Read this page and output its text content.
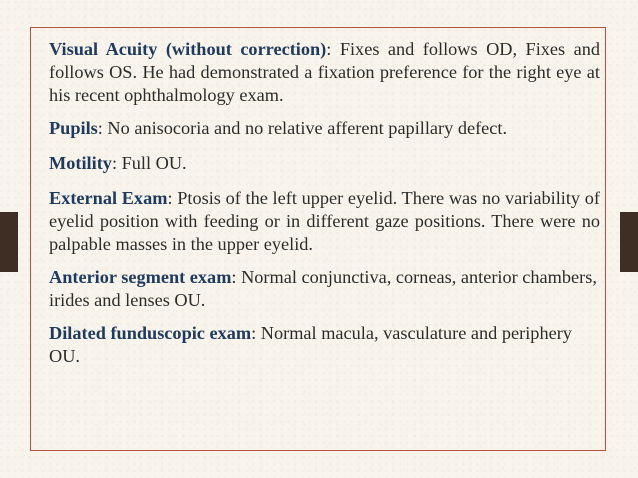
Visual Acuity (without correction): Fixes and follows OD, Fixes and follows OS. He had demonstrated a fixation preference for the right eye at his recent ophthalmology exam.

Pupils: No anisocoria and no relative afferent papillary defect.

Motility: Full OU.

External Exam: Ptosis of the left upper eyelid. There was no variability of eyelid position with feeding or in different gaze positions. There were no palpable masses in the upper eyelid.

Anterior segment exam: Normal conjunctiva, corneas, anterior chambers, irides and lenses OU.

Dilated funduscopic exam: Normal macula, vasculature and periphery OU.
